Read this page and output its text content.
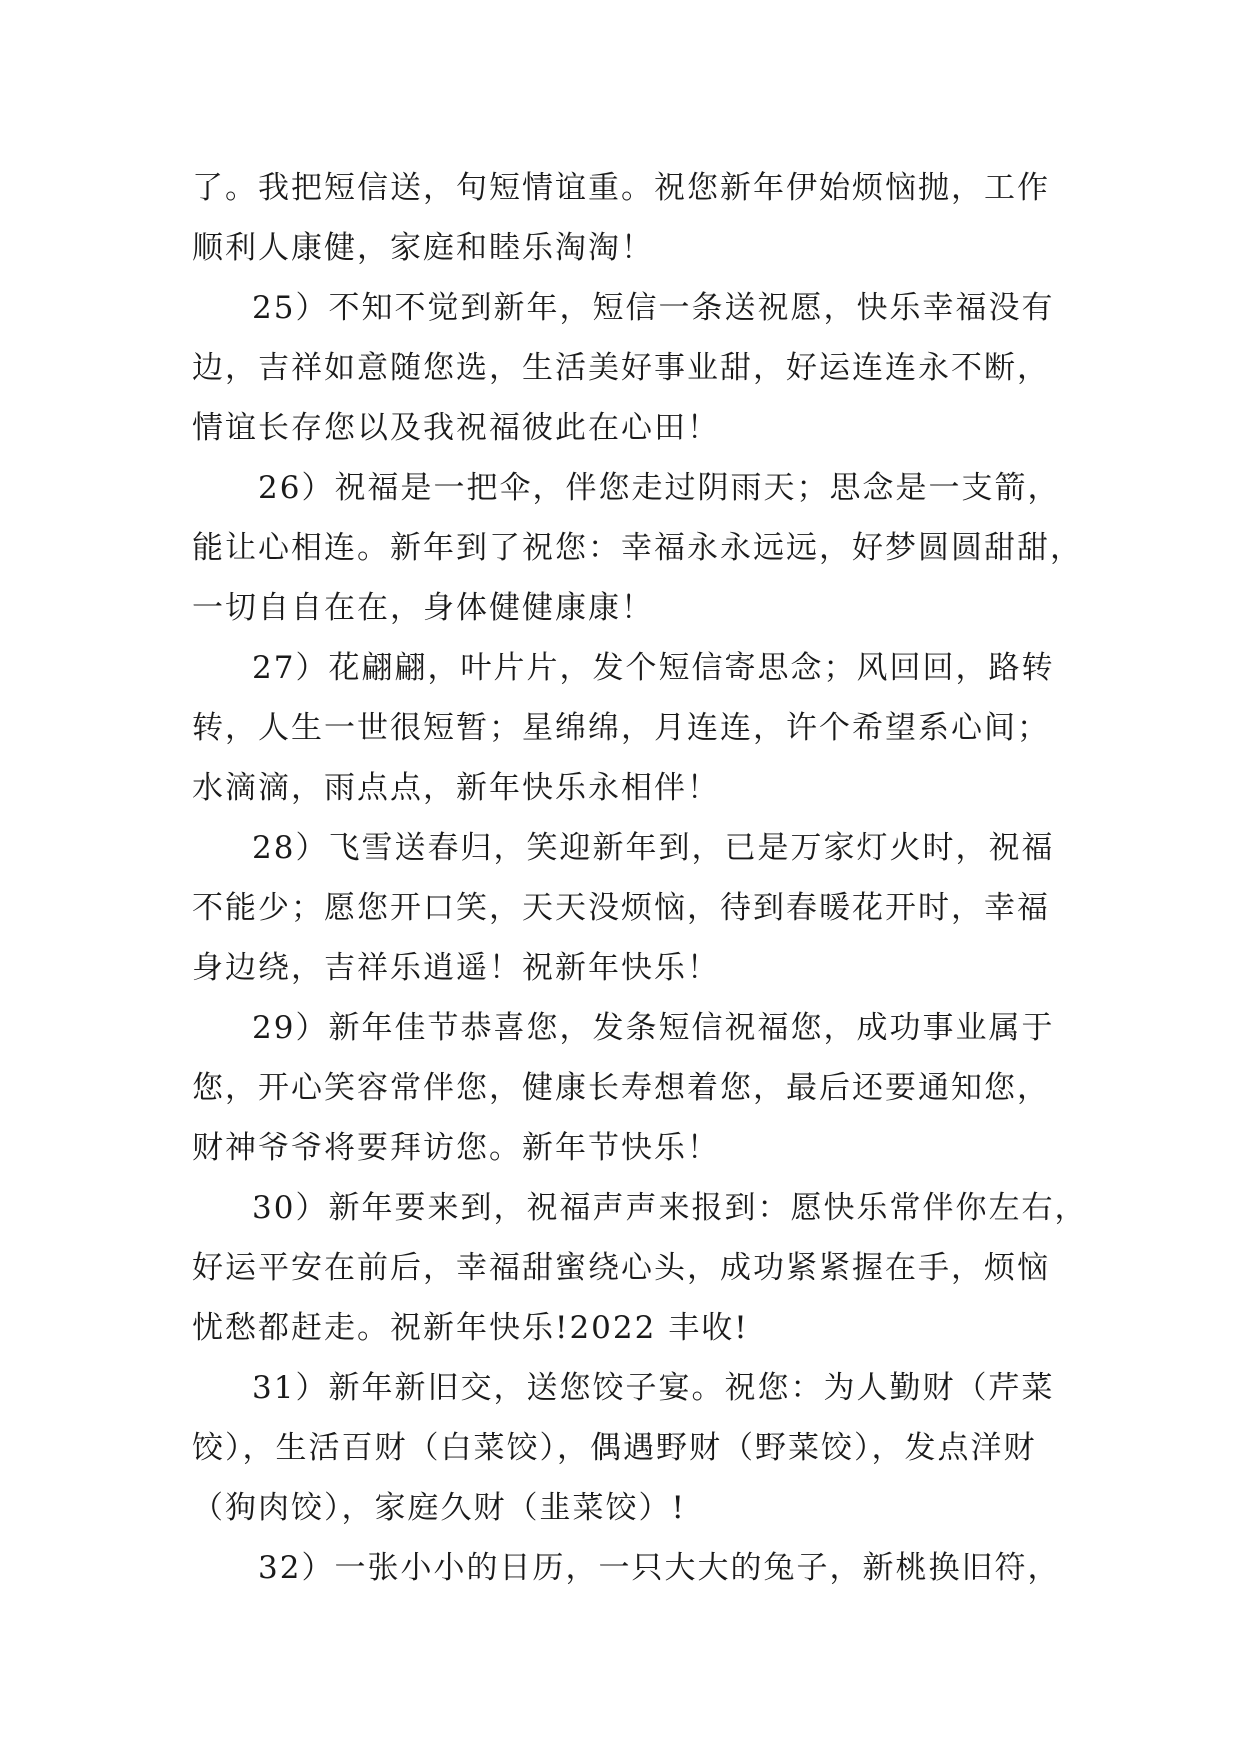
了。我把短信送，句短情谊重。祝您新年伊始烦恼抛，工作
顺利人康健，家庭和睦乐淘淘！
25）不知不觉到新年，短信一条送祝愿，快乐幸福没有
边，吉祥如意随您选，生活美好事业甜，好运连连永不断，
情谊长存您以及我祝福彼此在心田！
26）祝福是一把伞，伴您走过阴雨天；思念是一支箭，
能让心相连。新年到了祝您：幸福永永远远，好梦圆圆甜甜，
一切自自在在，身体健健康康！
27）花翩翩，叶片片，发个短信寄思念；风回回，路转
转，人生一世很短暂；星绵绵，月连连，许个希望系心间；
水滴滴，雨点点，新年快乐永相伴！
28）飞雪送春归，笑迎新年到，已是万家灯火时，祝福
不能少；愿您开口笑，天天没烦恼，待到春暖花开时，幸福
身边绕，吉祥乐逍遥！祝新年快乐！
29）新年佳节恭喜您，发条短信祝福您，成功事业属于
您，开心笑容常伴您，健康长寿想着您，最后还要通知您，
财神爷爷将要拜访您。新年节快乐！
30）新年要来到，祝福声声来报到：愿快乐常伴你左右，
好运平安在前后，幸福甜蜜绕心头，成功紧紧握在手，烦恼
忧愁都赶走。祝新年快乐!2022 丰收!
31）新年新旧交，送您饺子宴。祝您：为人勤财（芹菜
饺），生活百财（白菜饺），偶遇野财（野菜饺），发点洋财
（狗肉饺），家庭久财（韭菜饺）!
32）一张小小的日历，一只大大的兔子，新桃换旧符，
